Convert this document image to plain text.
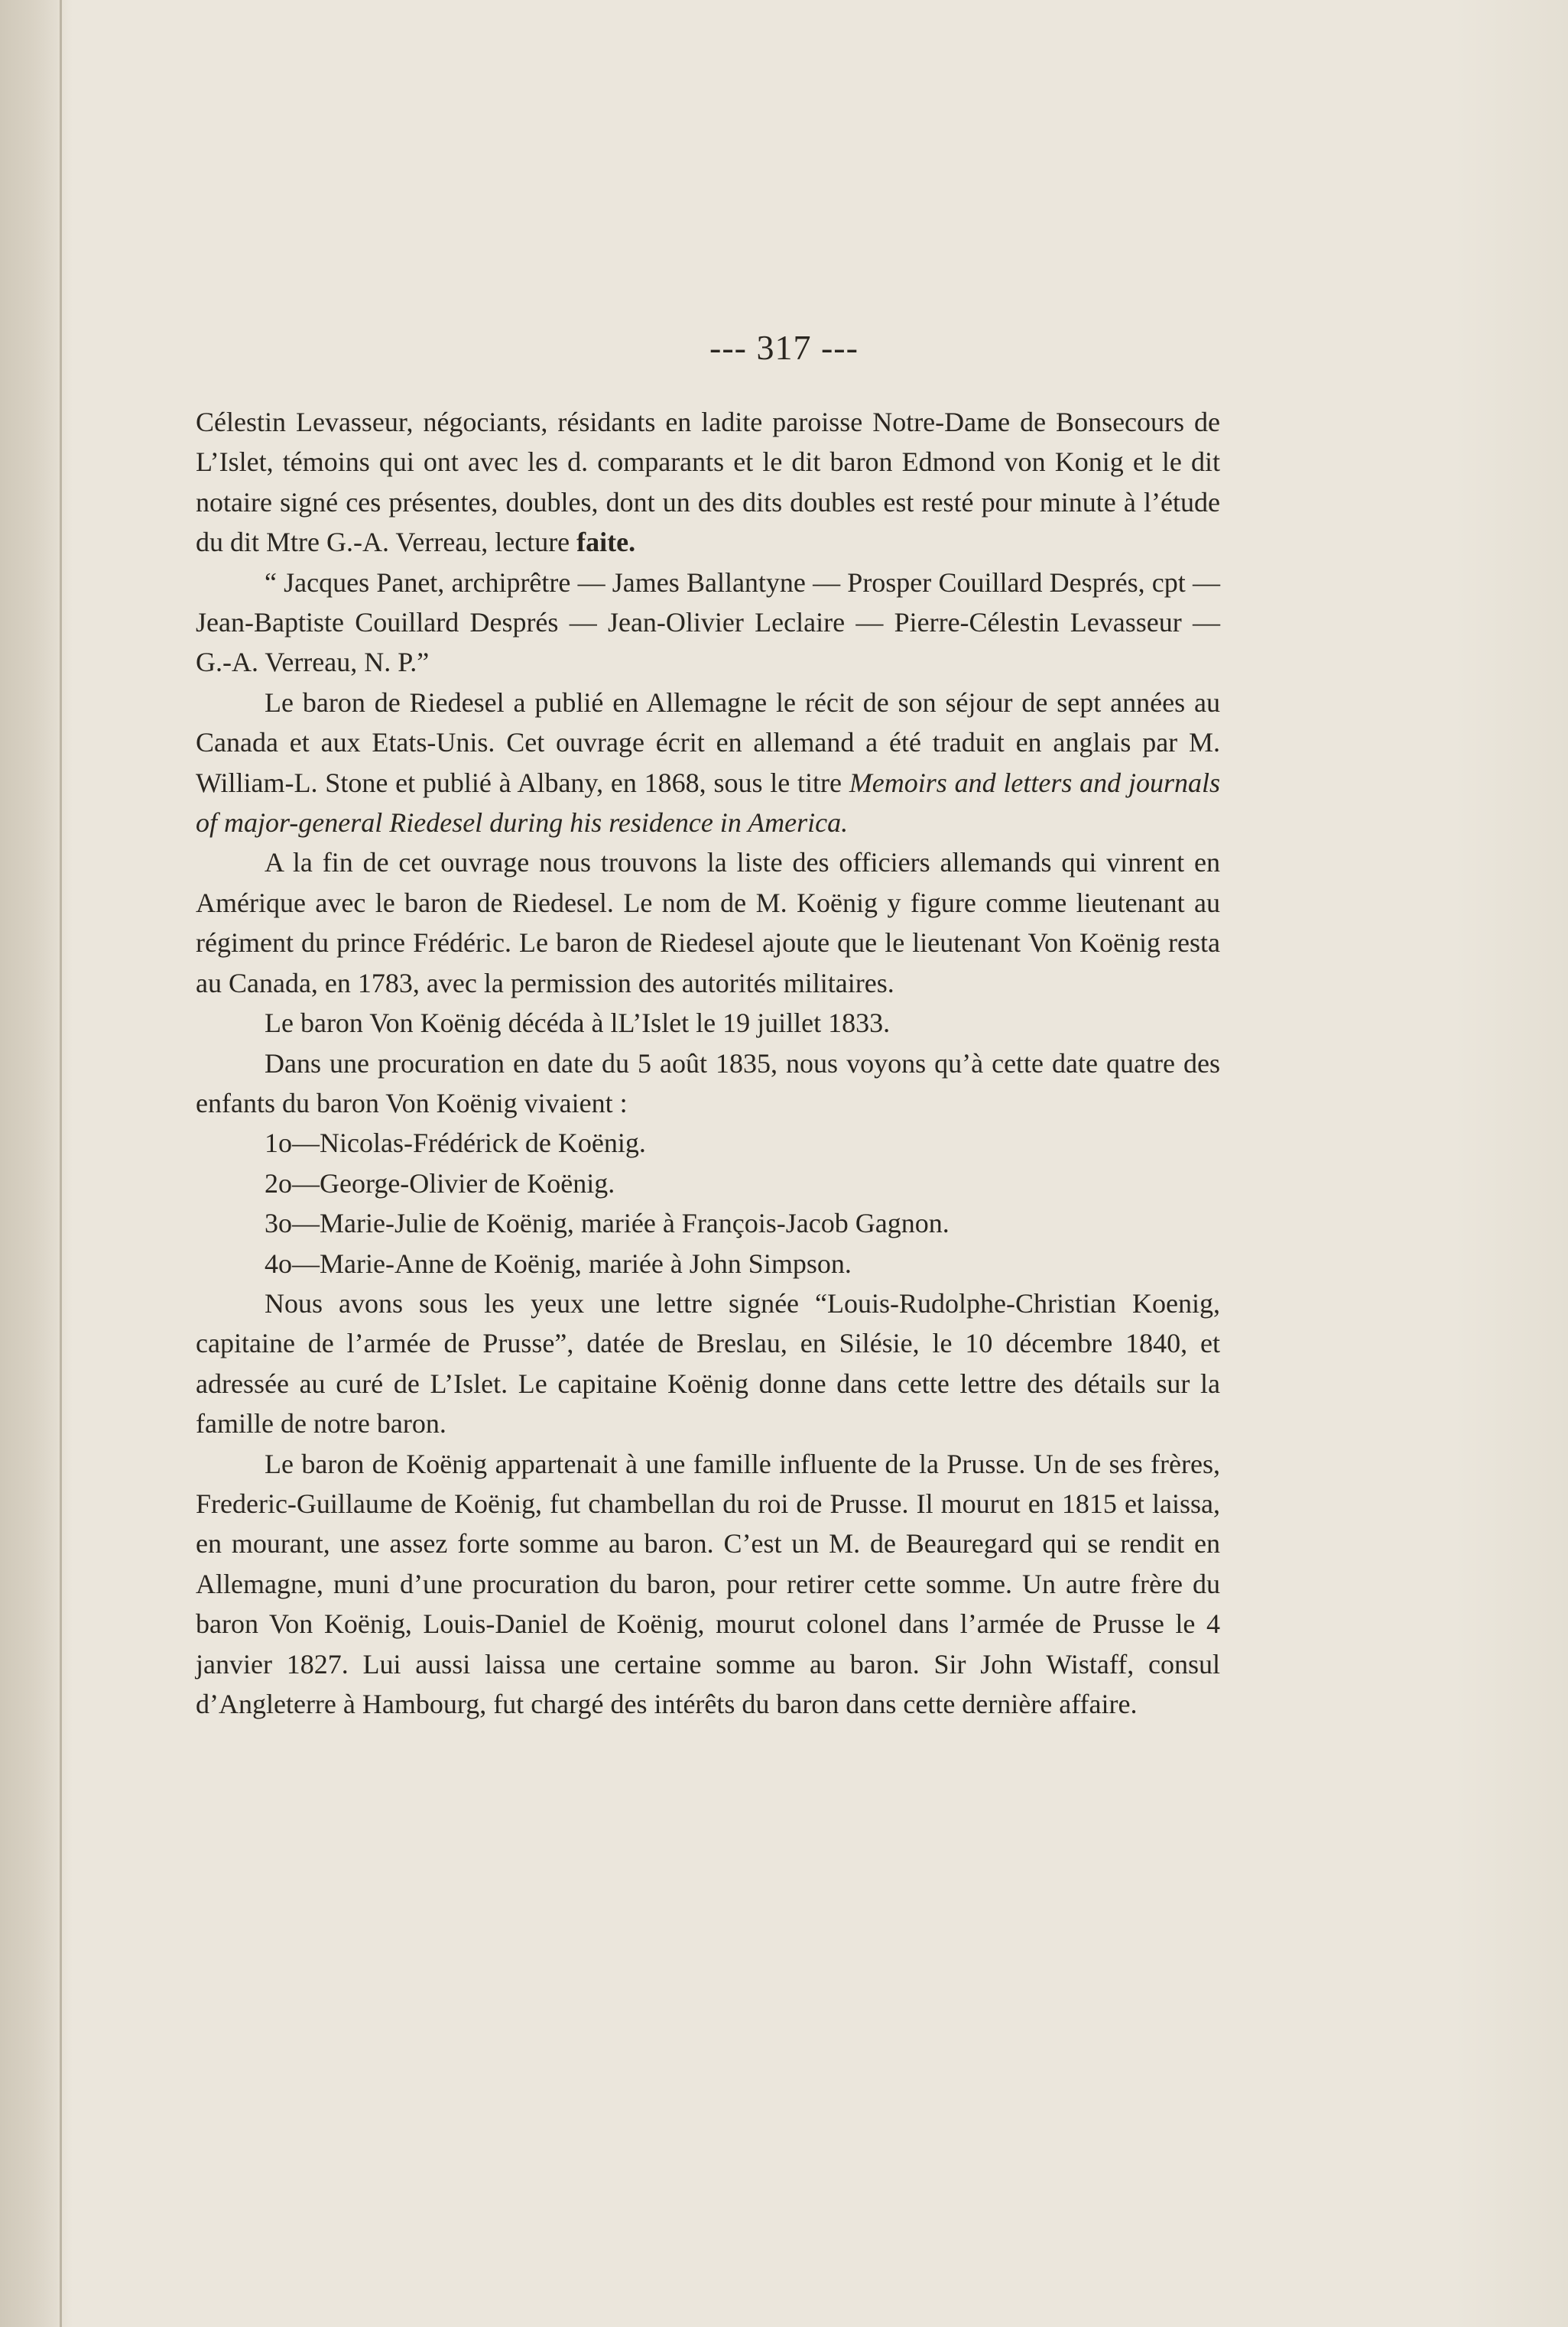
--- 317 ---

Célestin Levasseur, négociants, résidants en ladite paroisse Notre-Dame de Bonsecours de L’Islet, témoins qui ont avec les d. comparants et le dit baron Edmond von Konig et le dit notaire signé ces présentes, doubles, dont un des dits doubles est resté pour minute à l’étude du dit Mtre G.-A. Verreau, lecture faite.

“ Jacques Panet, archiprêtre — James Ballantyne — Prosper Couillard Després, cpt — Jean-Baptiste Couillard Després — Jean-Olivier Leclaire — Pierre-Célestin Levasseur — G.-A. Verreau, N. P.”

Le baron de Riedesel a publié en Allemagne le récit de son séjour de sept années au Canada et aux Etats-Unis. Cet ouvrage écrit en allemand a été traduit en anglais par M. William-L. Stone et publié à Albany, en 1868, sous le titre Memoirs and letters and journals of major-general Riedesel during his residence in America.

A la fin de cet ouvrage nous trouvons la liste des officiers allemands qui vinrent en Amérique avec le baron de Riedesel. Le nom de M. Koënig y figure comme lieutenant au régiment du prince Frédéric. Le baron de Riedesel ajoute que le lieutenant Von Koënig resta au Canada, en 1783, avec la permission des autorités militaires.

Le baron Von Koënig décéda à lL’Islet le 19 juillet 1833.

Dans une procuration en date du 5 août 1835, nous voyons qu’à cette date quatre des enfants du baron Von Koënig vivaient :

1o—Nicolas-Frédérick de Koënig.

2o—George-Olivier de Koënig.

3o—Marie-Julie de Koënig, mariée à François-Jacob Gagnon.

4o—Marie-Anne de Koënig, mariée à John Simpson.

Nous avons sous les yeux une lettre signée “Louis-Rudolphe-Christian Koenig, capitaine de l’armée de Prusse”, datée de Breslau, en Silésie, le 10 décembre 1840, et adressée au curé de L’Islet. Le capitaine Koënig donne dans cette lettre des détails sur la famille de notre baron.

Le baron de Koënig appartenait à une famille influente de la Prusse. Un de ses frères, Frederic-Guillaume de Koënig, fut chambellan du roi de Prusse. Il mourut en 1815 et laissa, en mourant, une assez forte somme au baron. C’est un M. de Beauregard qui se rendit en Allemagne, muni d’une procuration du baron, pour retirer cette somme. Un autre frère du baron Von Koënig, Louis-Daniel de Koënig, mourut colonel dans l’armée de Prusse le 4 janvier 1827. Lui aussi laissa une certaine somme au baron. Sir John Wistaff, consul d’Angleterre à Hambourg, fut chargé des intérêts du baron dans cette dernière affaire.
